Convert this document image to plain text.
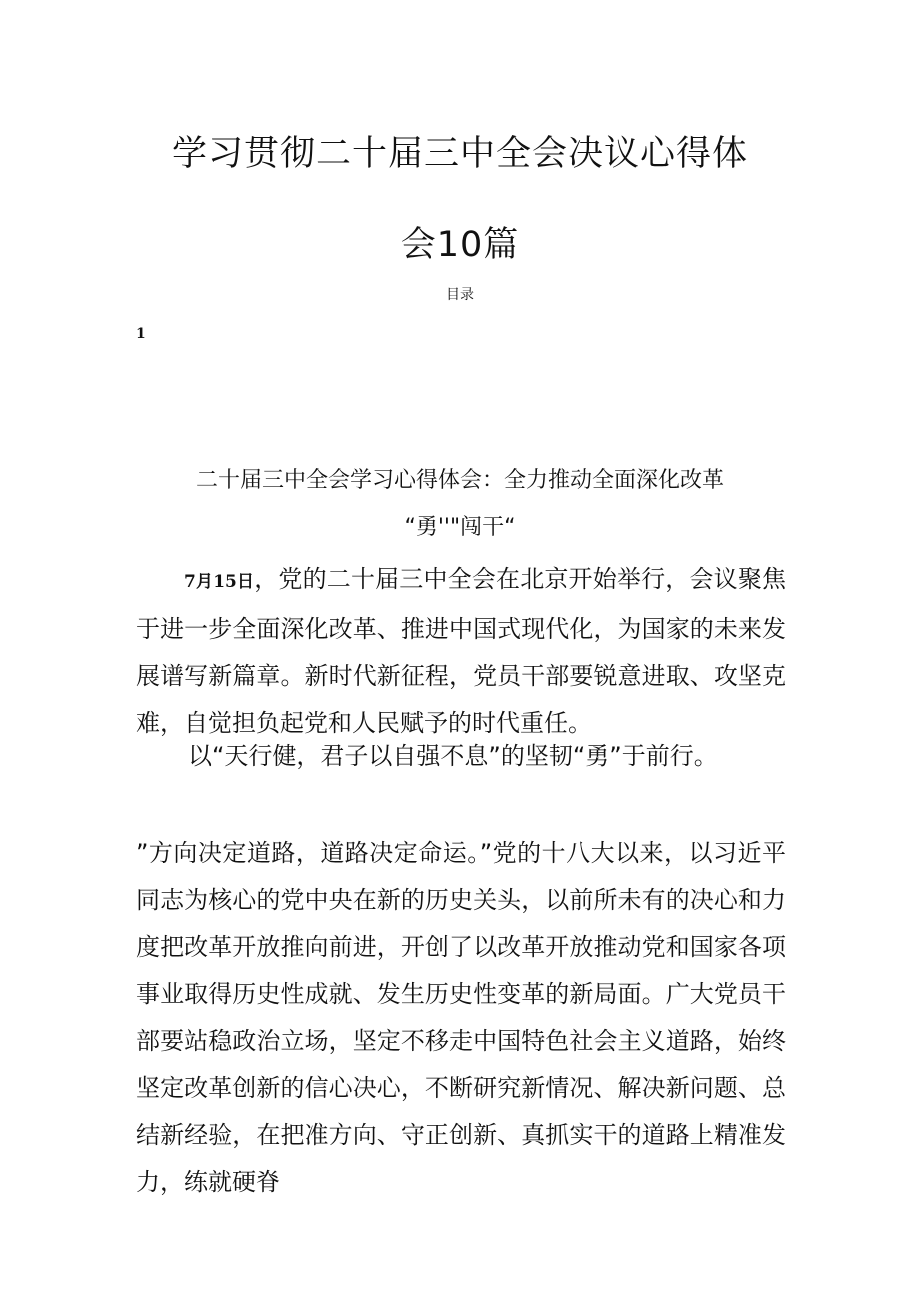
学习贯彻二十届三中全会决议心得体
会10篇
目录
1
二十届三中全会学习心得体会：全力推动全面深化改革
“勇''"闯干“
7月15日，党的二十届三中全会在北京开始举行，会议聚焦于进一步全面深化改革、推进中国式现代化，为国家的未来发展谱写新篇章。新时代新征程，党员干部要锐意进取、攻坚克难，自觉担负起党和人民赋予的时代重任。
以“天行健，君子以自强不息”的坚韧“勇”于前行。
”方向决定道路，道路决定命运。”党的十八大以来，以习近平同志为核心的党中央在新的历史关头，以前所未有的决心和力度把改革开放推向前进，开创了以改革开放推动党和国家各项事业取得历史性成就、发生历史性变革的新局面。广大党员干部要站稳政治立场，坚定不移走中国特色社会主义道路，始终坚定改革创新的信心决心，不断研究新情况、解决新问题、总结新经验，在把准方向、守正创新、真抓实干的道路上精准发力，练就硬脊
